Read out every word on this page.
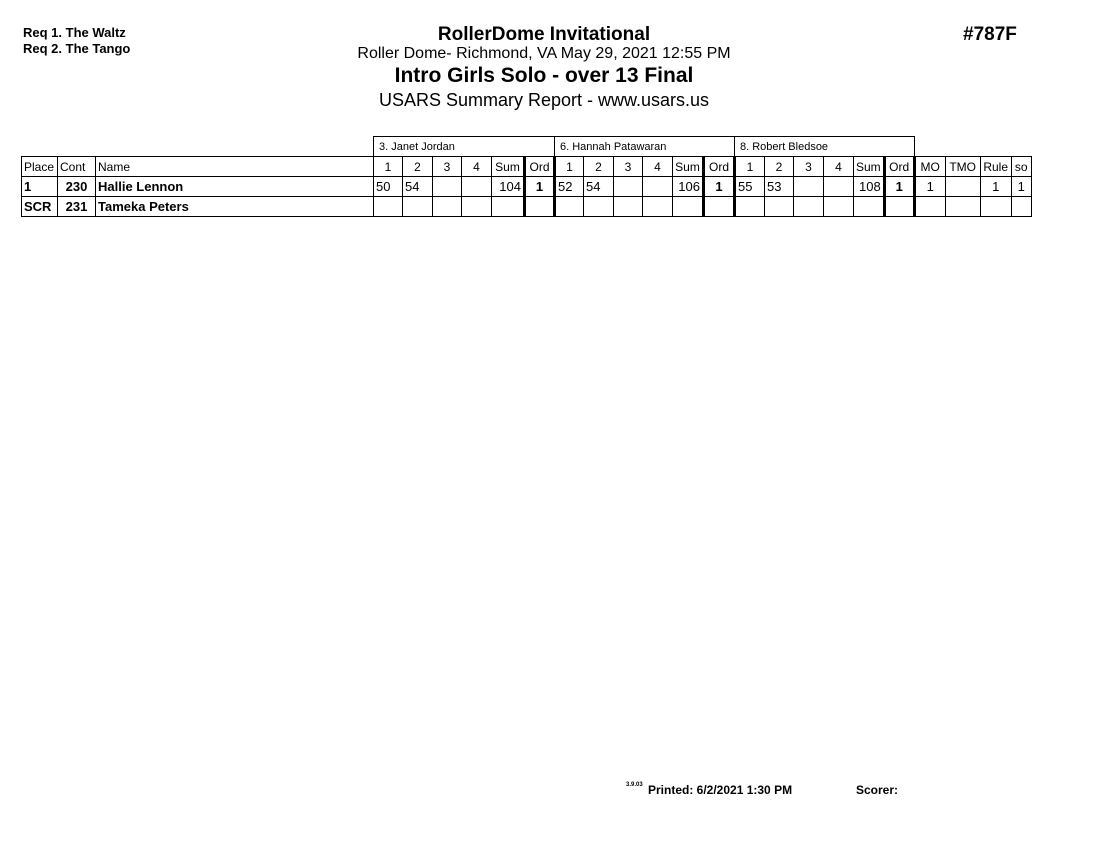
Req 1. The Waltz
Req 2. The Tango
#787F
RollerDome Invitational
Roller Dome- Richmond, VA May 29, 2021 12:55 PM
Intro Girls Solo - over 13 Final
USARS Summary Report - www.usars.us
			3. Janet Jordan						6. Hannah Patawaran						8. Robert Bledsoe									
Place	Cont	Name	1	2	3	4	Sum	Ord	1	2	3	4	Sum	Ord	1	2	3	4	Sum	Ord	MO	TMO	Rule	so
1	230	Hallie Lennon	50	54			104	1	52	54			106	1	55	53			108	1	1		1	1
SCR	231	Tameka Peters																						
3.9.03 Printed: 6/2/2021 1:30 PM	Scorer:
